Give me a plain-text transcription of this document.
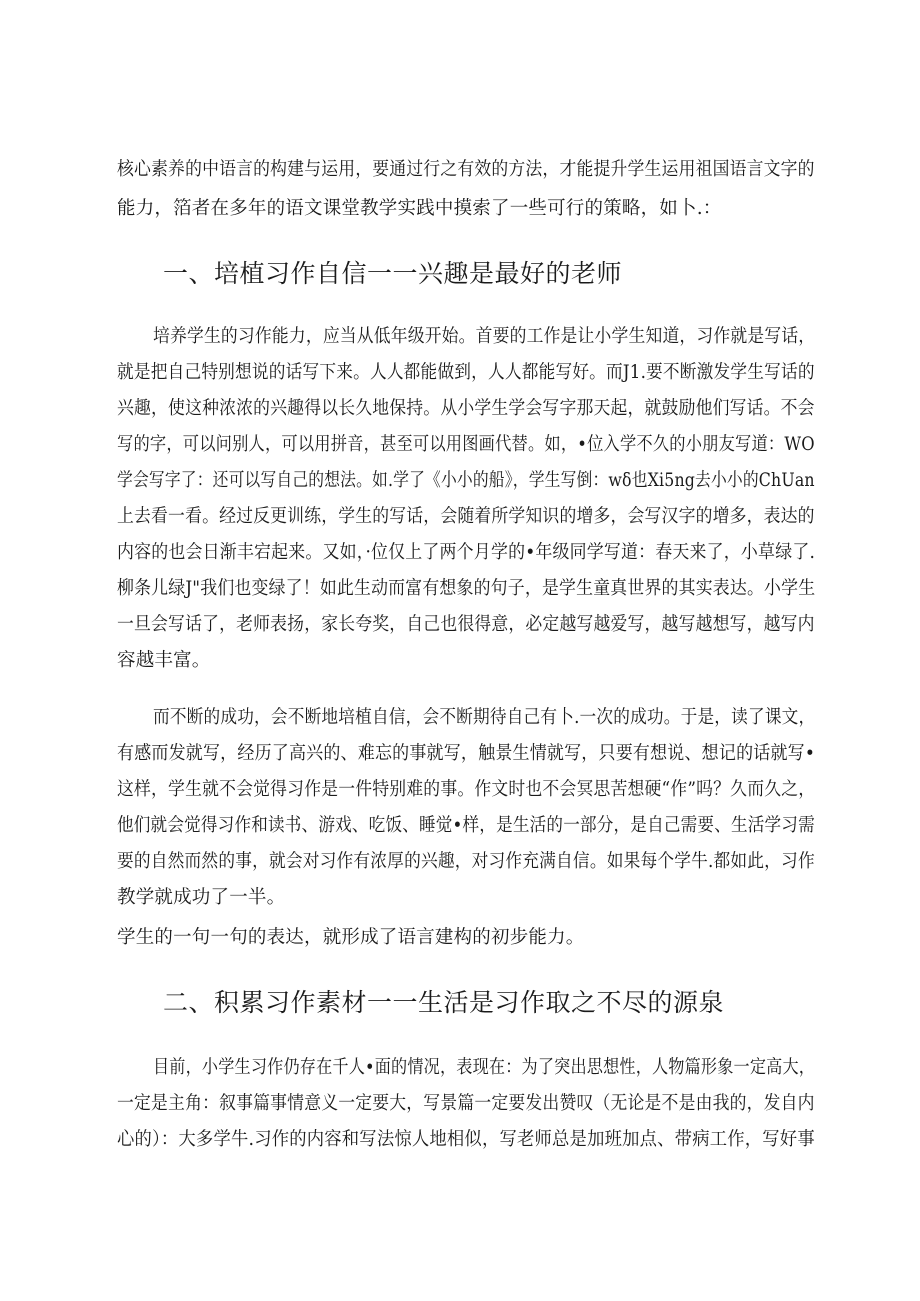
核心素养的中语言的构建与运用，要通过行之有效的方法，才能提升学生运用祖国语言文字的
能力，箔者在多年的语文课堂教学实践中摸索了一些可行的策略，如卜.：
一、培植习作自信一一兴趣是最好的老师
培养学生的习作能力，应当从低年级开始。首要的工作是让小学生知道，习作就是写话，
就是把自己特别想说的话写下来。人人都能做到，人人都能写好。而J1.要不断激发学生写话的
兴趣，使这种浓浓的兴趣得以长久地保持。从小学生学会写字那天起，就鼓励他们写话。不会
写的字，可以问别人，可以用拼音，甚至可以用图画代替。如，•位入学不久的小朋友写道：WO
学会写字了：还可以写自己的想法。如.学了《小小的船》，学生写倒：wδ也Xi5ng去小小的ChUan
上去看一看。经过反更训练，学生的写话，会随着所学知识的增多，会写汉字的增多，表达的
内容的也会日渐丰宕起来。又如，·位仅上了两个月学的•年级同学写道：春天来了，小草绿了.
柳条儿绿J"我们也变绿了！如此生动而富有想象的句子，是学生童真世界的其实表达。小学生
一旦会写话了，老师表扬，家长夸奖，自己也很得意，必定越写越爱写，越写越想写，越写内
容越丰富。
而不断的成功，会不断地培植自信，会不断期待自己有卜.一次的成功。于是，读了课文，
有感而发就写，经历了高兴的、难忘的事就写，触景生情就写，只要有想说、想记的话就写•
这样，学生就不会觉得习作是一件特别难的事。作文时也不会冥思苦想硬“作”吗？久而久之，
他们就会觉得习作和读书、游戏、吃饭、睡觉•样，是生活的一部分，是自己需要、生活学习需
要的自然而然的事，就会对习作有浓厚的兴趣，对习作充满自信。如果每个学牛.都如此，习作
教学就成功了一半。
学生的一句一句的表达，就形成了语言建构的初步能力。
二、积累习作素材一一生活是习作取之不尽的源泉
目前，小学生习作仍存在千人•面的情况，表现在：为了突出思想性，人物篇形象一定高大，
一定是主角：叙事篇事情意义一定要大，写景篇一定要发出赞叹（无论是不是由我的，发自内
心的）：大多学牛.习作的内容和写法惊人地相似，写老师总是加班加点、带病工作，写好事
